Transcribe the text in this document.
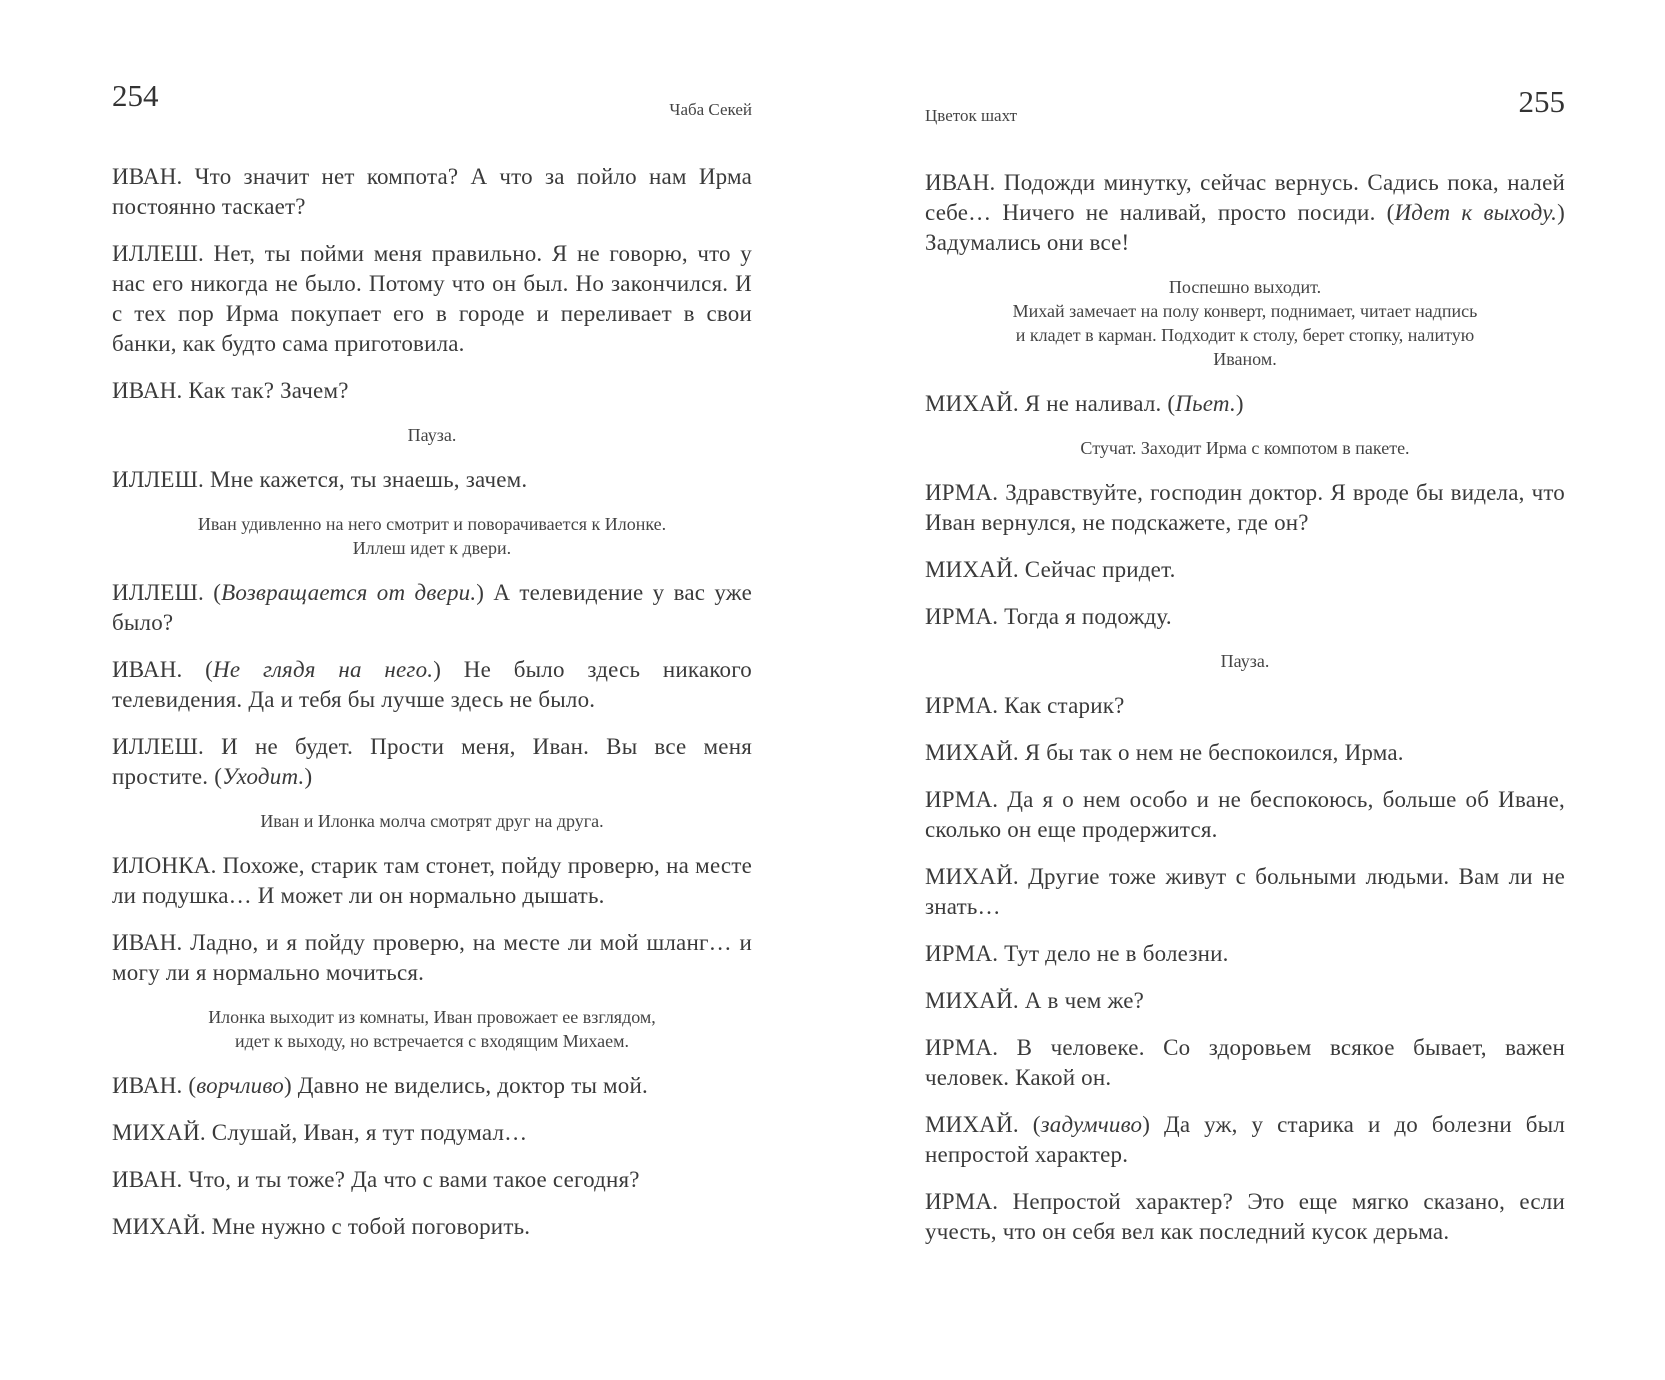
254	Чаба Секей

ИВАН. Что значит нет компота? А что за пойло нам Ирма постоянно таскает?

ИЛЛЕШ. Нет, ты пойми меня правильно. Я не говорю, что у нас его никогда не было. Потому что он был. Но закончился. И с тех пор Ирма покупает его в городе и переливает в свои банки, как будто сама приготовила.

ИВАН. Как так? Зачем?

Пауза.

ИЛЛЕШ. Мне кажется, ты знаешь, зачем.

Иван удивленно на него смотрит и поворачивается к Илонке.
Иллеш идет к двери.

ИЛЛЕШ. (Возвращается от двери.) А телевидение у вас уже было?

ИВАН. (Не глядя на него.) Не было здесь никакого телевидения. Да и тебя бы лучше здесь не было.

ИЛЛЕШ. И не будет. Прости меня, Иван. Вы все меня простите. (Уходит.)

Иван и Илонка молча смотрят друг на друга.

ИЛОНКА. Похоже, старик там стонет, пойду проверю, на месте ли подушка… И может ли он нормально дышать.

ИВАН. Ладно, и я пойду проверю, на месте ли мой шланг… и могу ли я нормально мочиться.

Илонка выходит из комнаты, Иван провожает ее взглядом,
идет к выходу, но встречается с входящим Михаем.

ИВАН. (ворчливо) Давно не виделись, доктор ты мой.

МИХАЙ. Слушай, Иван, я тут подумал…

ИВАН. Что, и ты тоже? Да что с вами такое сегодня?

МИХАЙ. Мне нужно с тобой поговорить.

Цветок шахт	255

ИВАН. Подожди минутку, сейчас вернусь. Садись пока, налей себе… Ничего не наливай, просто посиди. (Идет к выходу.) Задумались они все!

Поспешно выходит.
Михай замечает на полу конверт, поднимает, читает надпись
и кладет в карман. Подходит к столу, берет стопку, налитую
Иваном.

МИХАЙ. Я не наливал. (Пьет.)

Стучат. Заходит Ирма с компотом в пакете.

ИРМА. Здравствуйте, господин доктор. Я вроде бы видела, что Иван вернулся, не подскажете, где он?

МИХАЙ. Сейчас придет.

ИРМА. Тогда я подожду.

Пауза.

ИРМА. Как старик?

МИХАЙ. Я бы так о нем не беспокоился, Ирма.

ИРМА. Да я о нем особо и не беспокоюсь, больше об Иване, сколько он еще продержится.

МИХАЙ. Другие тоже живут с больными людьми. Вам ли не знать…

ИРМА. Тут дело не в болезни.

МИХАЙ. А в чем же?

ИРМА. В человеке. Со здоровьем всякое бывает, важен человек. Какой он.

МИХАЙ. (задумчиво) Да уж, у старика и до болезни был непростой характер.

ИРМА. Непростой характер? Это еще мягко сказано, если учесть, что он себя вел как последний кусок дерьма.
